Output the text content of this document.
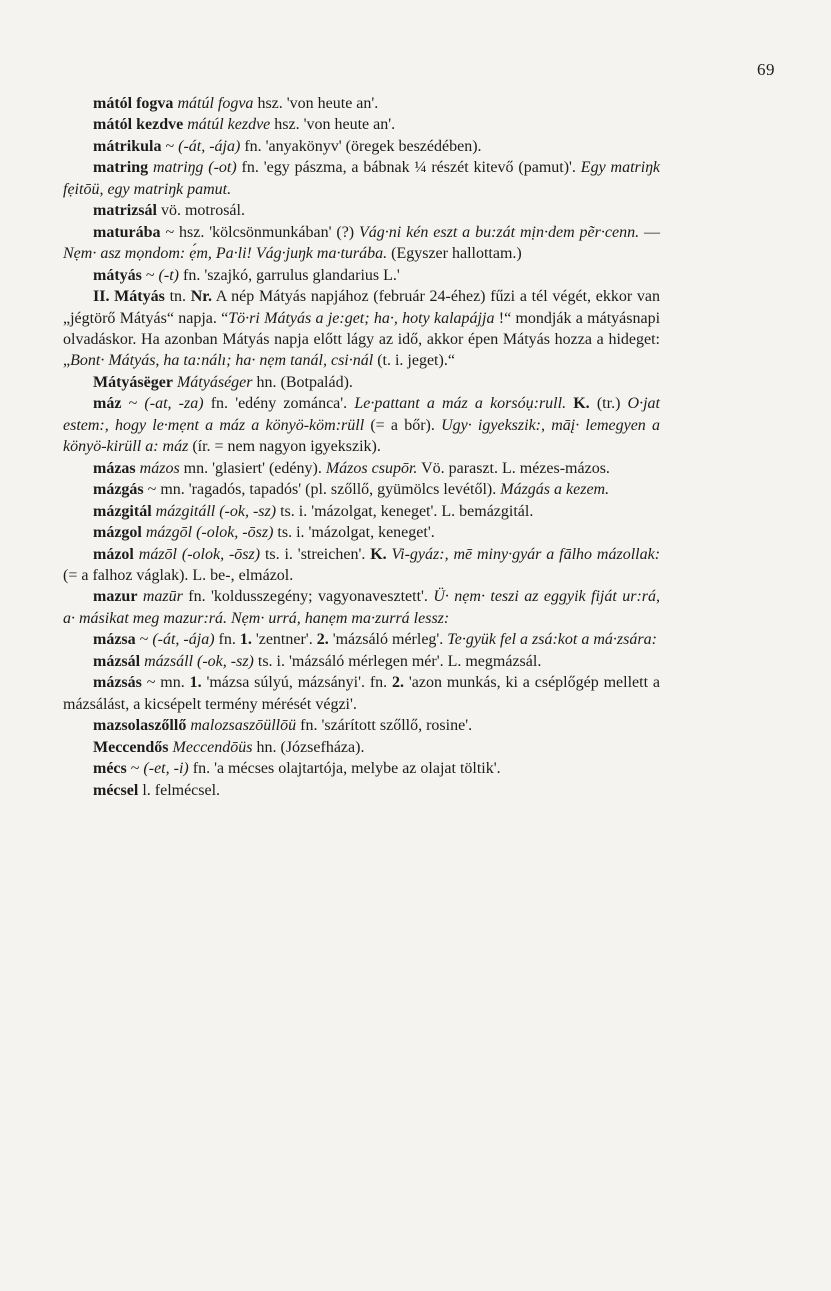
69

mától fogva mátúl fogva hsz. 'von heute an'.

mától kezdve mátúl kezdve hsz. 'von heute an'.

mátrikula ~ (-át, -ája) fn. 'anyakönyv' (öregek beszédében).

matring matriŋg (-ot) fn. 'egy pászma, a bábnak ¼ részét kitevő (pamut)'. Egy matriŋk fẹitōü, egy matriŋk pamut.

matrizsál vö. motrosál.

maturába ~ hsz. 'kölcsönmunkában' (?) Vág·ni kén eszt a bu:zát mịn·dem pẽr·cenn. — Nẹm· asz mọndom: ẹ́m, Pa·li! Vág·juŋk ma·turába. (Egyszer hallottam.)

mátyás ~ (-t) fn. 'szajkó, garrulus glandarius L.'

II. Mátyás tn. Nr. A nép Mátyás napjához (február 24-éhez) fűzi a tél végét, ekkor van „jégtörő Mátyás“ napja. “Tö·ri Mátyás a je:get; ha·, hoty kalapájja !“ mondják a mátyásnapi olvadáskor. Ha azonban Mátyás napja előtt lágy az idő, akkor épen Mátyás hozza a hideget: „Bont· Mátyás, ha ta:nálı; ha· nẹm tanál, csi·nál (t. i. jeget).“

Mátyásëger Mátyáséger hn. (Botpalád).

máz ~ (-at, -za) fn. 'edény zománca'. Le·pattant a máz a korsóụ:rull. K. (tr.) O·jat estem:, hogy le·mẹnt a máz a könyö-köm:rüll (= a bőr). Ugy· igyekszik:, māį· lemegyen a könyö-kirüll a: máz (ír. = nem nagyon igyekszik).

mázas mázos mn. 'glasiert' (edény). Mázos csupōr. Vö. paraszt. L. mézes-mázos.

mázgás ~ mn. 'ragadós, tapadós' (pl. szőllő, gyümölcs levétől). Mázgás a kezem.

mázgitál mázgitáll (-ok, -sz) ts. i. 'mázolgat, keneget'. L. bemázgitál.

mázgol mázgōl (-olok, -ōsz) ts. i. 'mázolgat, keneget'.

mázol mázōl (-olok, -ōsz) ts. i. 'streichen'. K. Vi-gyáz:, mē miny·gyár a fālho mázollak: (= a falhoz váglak). L. be-, elmázol.

mazur mazūr fn. 'koldusszegény; vagyonavesztett'. Ü· nẹm· teszi az eggyik fiját ur:rá, a· másikat meg mazur:rá. Nẹm· urrá, hanẹm ma·zurrá lessz:

mázsa ~ (-át, -ája) fn. 1. 'zentner'. 2. 'mázsáló mérleg'. Te·gyük fel a zsá:kot a má·zsára:

mázsál mázsáll (-ok, -sz) ts. i. 'mázsáló mérlegen mér'. L. megmázsál.

mázsás ~ mn. 1. 'mázsa súlyú, mázsányi'. fn. 2. 'azon munkás, ki a cséplőgép mellett a mázsálást, a kicsépelt termény mérését végzi'.

mazsolaszőllő malozsaszōüllōü fn. 'szárított szőllő, rosine'.

Meccendős Meccendōüs hn. (Józsefháza).

mécs ~ (-et, -i) fn. 'a mécses olajtartója, melybe az olajat töltik'.

mécsel l. felmécsel.
